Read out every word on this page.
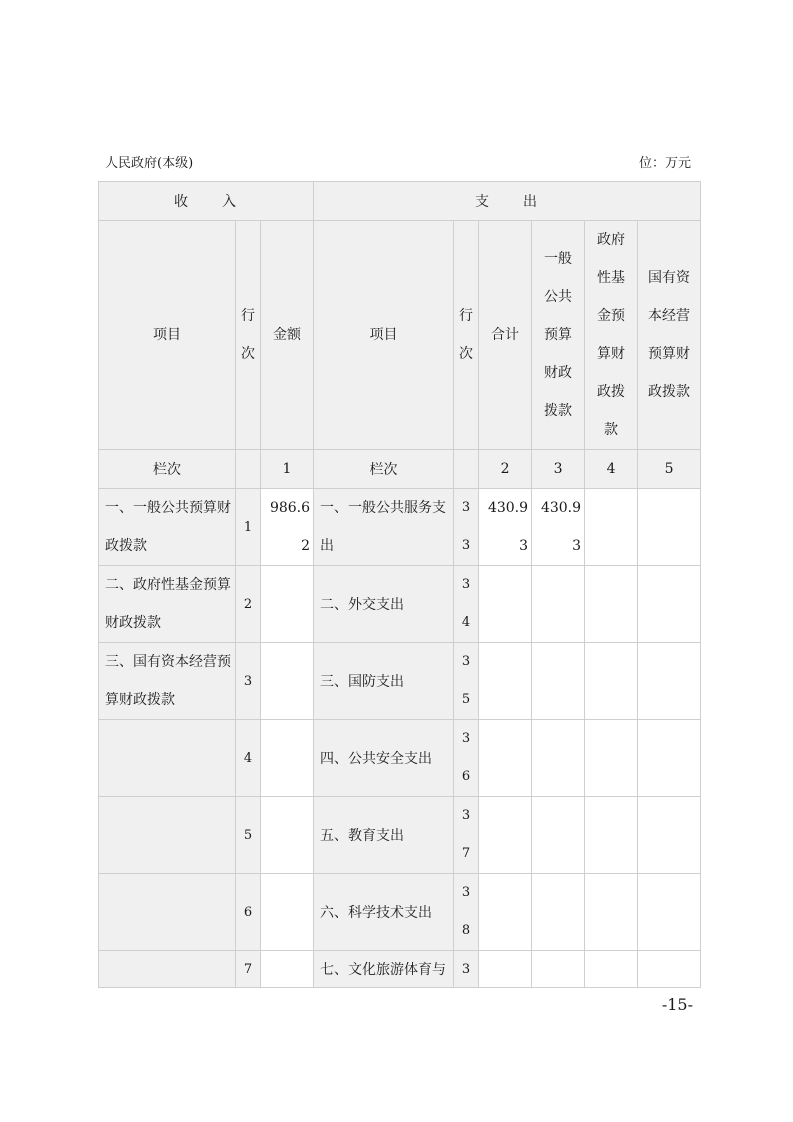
人民政府(本级)	位：万元
收　　入			支　　出					

项目	行次	金额	项目	行次	合计	一般公共预算财政拨款	政府性基金预算财政拨款	国有资本经营预算财政拨款

栏次		1	栏次		2	3	4	5
一、一般公共预算财政拨款	1	986.62	一、一般公共服务支出	33	430.93	430.93		
二、政府性基金预算财政拨款	2		二、外交支出	34				
三、国有资本经营预算财政拨款	3		三、国防支出	35				
	4		四、公共安全支出	36				
	5		五、教育支出	37				
	6		六、科学技术支出	38				
	7		七、文化旅游体育与	3				
-15-
